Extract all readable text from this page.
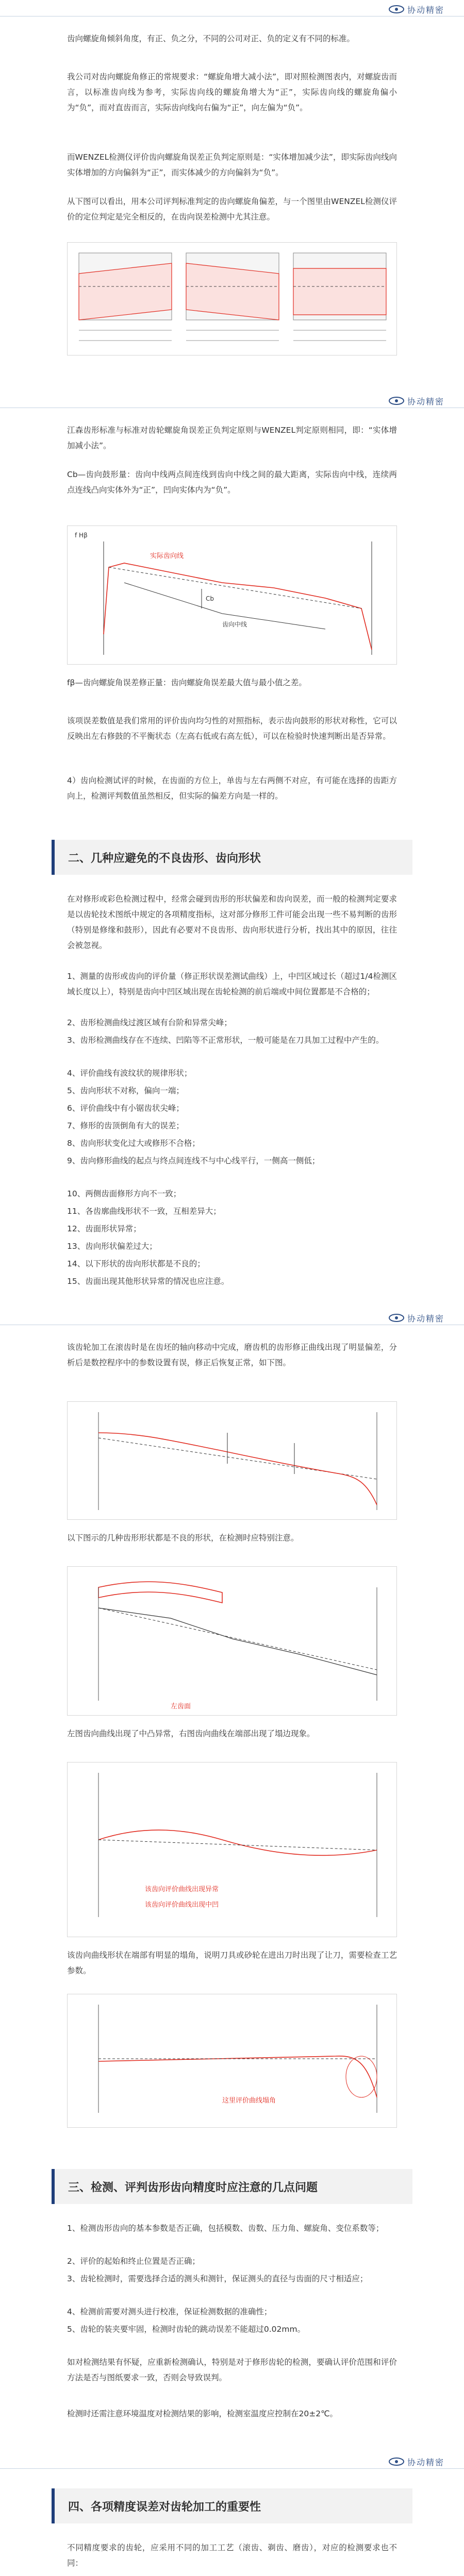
协动精密
齿向螺旋角倾斜角度，有正、负之分，不同的公司对正、负的定义有不同的标准。
我公司对齿向螺旋角修正的常规要求：“螺旋角增大减小法”，即对照检测图表内，对螺旋齿而言，以标准齿向线为参考，实际齿向线的螺旋角增大为“正”，实际齿向线的螺旋角偏小为“负”，而对直齿而言，实际齿向线向右偏为“正”，向左偏为“负”。
而WENZEL检测仪评价齿向螺旋角误差正负判定原则是：“实体增加减少法”，即实际齿向线向实体增加的方向偏斜为“正”，而实体减少的方向偏斜为“负”。
从下图可以看出，用本公司评判标准判定的齿向螺旋角偏差，与一个图里由WENZEL检测仪评价的定位判定是完全相反的，在齿向误差检测中尤其注意。
协动精密
江森齿形标准与标准对齿轮螺旋角误差正负判定原则与WENZEL判定原则相同，即：“实体增加减小法”。
Cb—齿向鼓形量：齿向中线两点间连线到齿向中线之间的最大距离，实际齿向中线，连续两点连线凸向实体外为“正”，凹向实体内为“负”。
f Hβ
实际齿向线
齿向中线
Cb
fβ—齿向螺旋角误差修正量：齿向螺旋角误差最大值与最小值之差。
该项误差数值是我们常用的评价齿向均匀性的对照指标，表示齿向鼓形的形状对称性，它可以反映出左右修鼓的不平衡状态（左高右低或右高左低），可以在检验时快速判断出是否异常。
4）齿向检测试评的时候，在齿面的方位上，单齿与左右两侧不对应，有可能在选择的齿距方向上，检测评判数值虽然相反，但实际的偏差方向是一样的。
二、几种应避免的不良齿形、齿向形状
在对修形或彩色检测过程中，经常会碰到齿形的形状偏差和齿向误差，而一般的检测判定要求是以齿轮技术图纸中规定的各项精度指标，这对部分修形工件可能会出现一些不易判断的齿形（特别是修缘和鼓形），因此有必要对不良齿形、齿向形状进行分析，找出其中的原因，往往会被忽视。
1、测量的齿形或齿向的评价量（修正形状误差测试曲线）上，中凹区域过长（超过1/4检测区域长度以上），特别是齿向中凹区域出现在齿轮检测的前后端或中间位置都是不合格的；
2、齿形检测曲线过渡区域有台阶和异常尖峰；
3、齿形检测曲线存在不连续、凹陷等不正常形状，一般可能是在刀具加工过程中产生的。
4、评价曲线有波纹状的规律形状；
5、齿向形状不对称，偏向一端；
6、评价曲线中有小锯齿状尖峰；
7、修形的齿顶倒角有大的误差；
8、齿向形状变化过大或修形不合格；
9、齿向修形曲线的起点与终点间连线不与中心线平行，一侧高一侧低；
10、两侧齿面修形方向不一致；
11、各齿廓曲线形状不一致，互相差异大；
12、齿面形状异常；
13、齿向形状偏差过大；
14、以下形状的齿向形状都是不良的；
15、齿面出现其他形状异常的情况也应注意。
协动精密
该齿轮加工在滚齿时是在齿坯的轴向移动中完成，磨齿机的齿形修正曲线出现了明显偏差，分析后是数控程序中的参数设置有误，修正后恢复正常，如下图。
以下图示的几种齿形形状都是不良的形状，在检测时应特别注意。
左齿面
左图齿向曲线出现了中凸异常，右图齿向曲线在端部出现了塌边现象。
该齿向评价曲线出现异常
该齿向评价曲线出现中凹
该齿向曲线形状在端部有明显的塌角，说明刀具或砂轮在进出刀时出现了让刀，需要检查工艺参数。
这里评价曲线塌角
三、检测、评判齿形齿向精度时应注意的几点问题
1、检测齿形齿向的基本参数是否正确，包括模数、齿数、压力角、螺旋角、变位系数等；
2、评价的起始和终止位置是否正确；
3、齿轮检测时，需要选择合适的测头和测针，保证测头的直径与齿面的尺寸相适应；
4、检测前需要对测头进行校准，保证检测数据的准确性；
5、齿轮的装夹要牢固，检测时齿轮的跳动误差不能超过0.02mm。
如对检测结果有怀疑，应重新检测确认，特别是对于修形齿轮的检测，要确认评价范围和评价方法是否与图纸要求一致，否则会导致误判。
检测时还需注意环境温度对检测结果的影响，检测室温度应控制在20±2℃。
协动精密
四、各项精度误差对齿轮加工的重要性
不同精度要求的齿轮，应采用不同的加工工艺（滚齿、剃齿、磨齿），对应的检测要求也不同：
